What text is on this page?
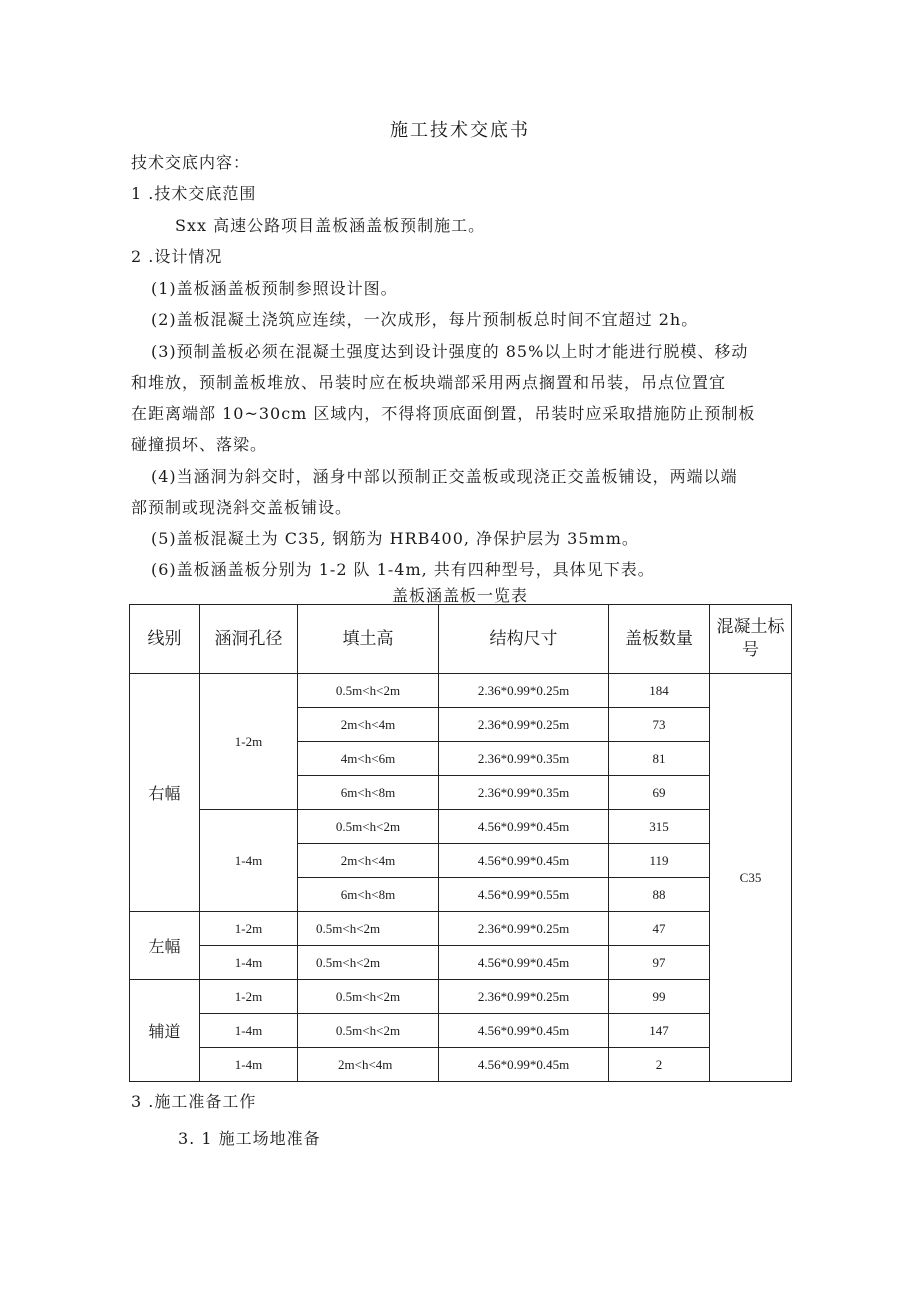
施工技术交底书
技术交底内容：
1 .技术交底范围
Sxx 高速公路项目盖板涵盖板预制施工。
2 .设计情况
(1)盖板涵盖板预制参照设计图。
(2)盖板混凝土浇筑应连续，一次成形，每片预制板总时间不宜超过 2h。
(3)预制盖板必须在混凝土强度达到设计强度的 85%以上时才能进行脱模、移动
和堆放，预制盖板堆放、吊装时应在板块端部采用两点搁置和吊装，吊点位置宜
在距离端部 10~30cm 区域内，不得将顶底面倒置，吊装时应采取措施防止预制板
碰撞损坏、落梁。
(4)当涵洞为斜交时，涵身中部以预制正交盖板或现浇正交盖板铺设，两端以端
部预制或现浇斜交盖板铺设。
(5)盖板混凝土为 C35, 钢筋为 HRB400, 净保护层为 35mm。
(6)盖板涵盖板分别为 1-2 队 1-4m, 共有四种型号，具体见下表。
盖板涵盖板一览表
线别	涵洞孔径	填土高	结构尺寸	盖板数量	混凝土标号
右幅	1-2m	0.5m<h<2m	2.36*0.99*0.25m	184	C35
		2m<h<4m	2.36*0.99*0.25m	73	
		4m<h<6m	2.36*0.99*0.35m	81	
		6m<h<8m	2.36*0.99*0.35m	69	
	1-4m	0.5m<h<2m	4.56*0.99*0.45m	315	
		2m<h<4m	4.56*0.99*0.45m	119	
		6m<h<8m	4.56*0.99*0.55m	88	
左幅	1-2m	0.5m<h<2m	2.36*0.99*0.25m	47	
	1-4m	0.5m<h<2m	4.56*0.99*0.45m	97	
辅道	1-2m	0.5m<h<2m	2.36*0.99*0.25m	99	
	1-4m	0.5m<h<2m	4.56*0.99*0.45m	147	
	1-4m	2m<h<4m	4.56*0.99*0.45m	2	
3 .施工准备工作
3. 1 施工场地准备
